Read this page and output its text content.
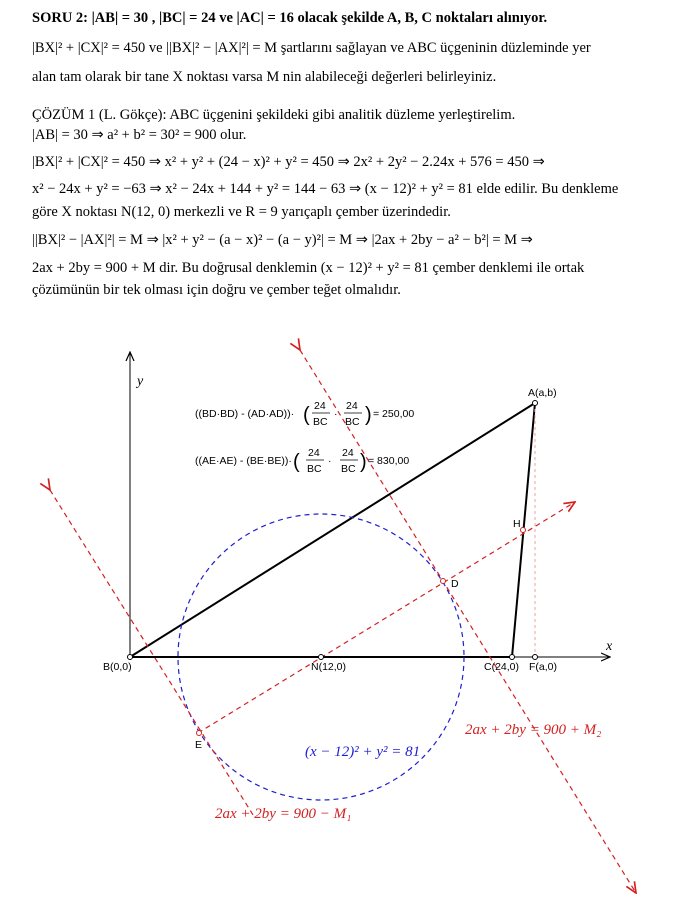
SORU 2: |AB| = 30 , |BC| = 24 ve |AC| = 16 olacak şekilde A, B, C noktaları alınıyor.
|BX|² + |CX|² = 450 ve ||BX|² − |AX|²| = M şartlarını sağlayan ve ABC üçgeninin düzleminde yer
alan tam olarak bir tane X noktası varsa M nin alabileceği değerleri belirleyiniz.
ÇÖZÜM 1 (L. Gökçe): ABC üçgenini şekildeki gibi analitik düzleme yerleştirelim.
|AB| = 30 ⇒ a² + b² = 30² = 900 olur.
|BX|² + |CX|² = 450 ⇒ x² + y² + (24 − x)² + y² = 450 ⇒ 2x² + 2y² − 2.24x + 576 = 450 ⇒
x² − 24x + y² = −63 ⇒ x² − 24x + 144 + y² = 144 − 63 ⇒ (x − 12)² + y² = 81 elde edilir. Bu denkleme
göre X noktası N(12, 0) merkezli ve R = 9 yarıçaplı çember üzerindedir.
||BX|² − |AX|²| = M ⇒ |x² + y² − (a − x)² − (a − y)²| = M ⇒ |2ax + 2by − a² − b²| = M ⇒
2ax + 2by = 900 + M dir. Bu doğrusal denklemin (x − 12)² + y² = 81 çember denklemi ile ortak
çözümünün bir tek olması için doğru ve çember teğet olmalıdır.
x
y
A(a,b)
B(0,0)	C(24,0) F(a,0)
N(12,0)
H
D
E
((BD·BD) - (AD·AD))· ( 24
BC
·
24
BC ) = 250,00
((AE·AE) - (BE·BE))· ( 24
BC
·
24
BC ) = 830,00
(x − 12)² + y² = 81
2ax + 2by = 900 + M₂
2ax + 2by = 900 − M₁
